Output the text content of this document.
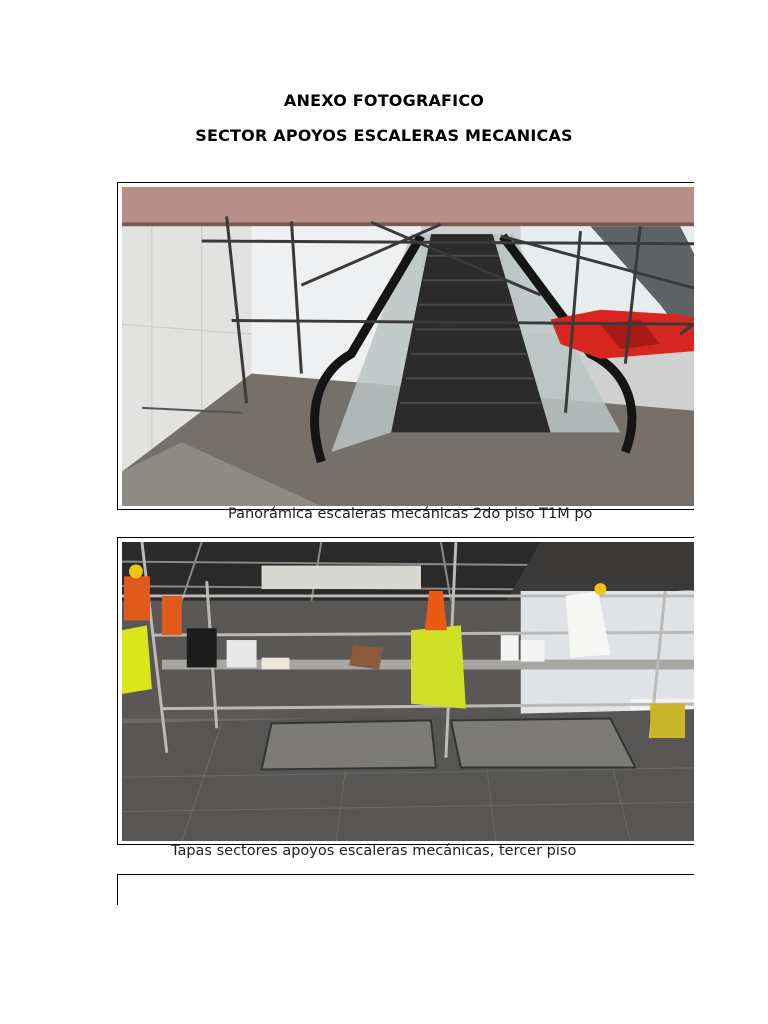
ANEXO FOTOGRAFICO
SECTOR APOYOS ESCALERAS MECANICAS
Panorámica escaleras mecánicas 2do piso T1M po
Tapas sectores apoyos escaleras mecánicas, tercer piso
